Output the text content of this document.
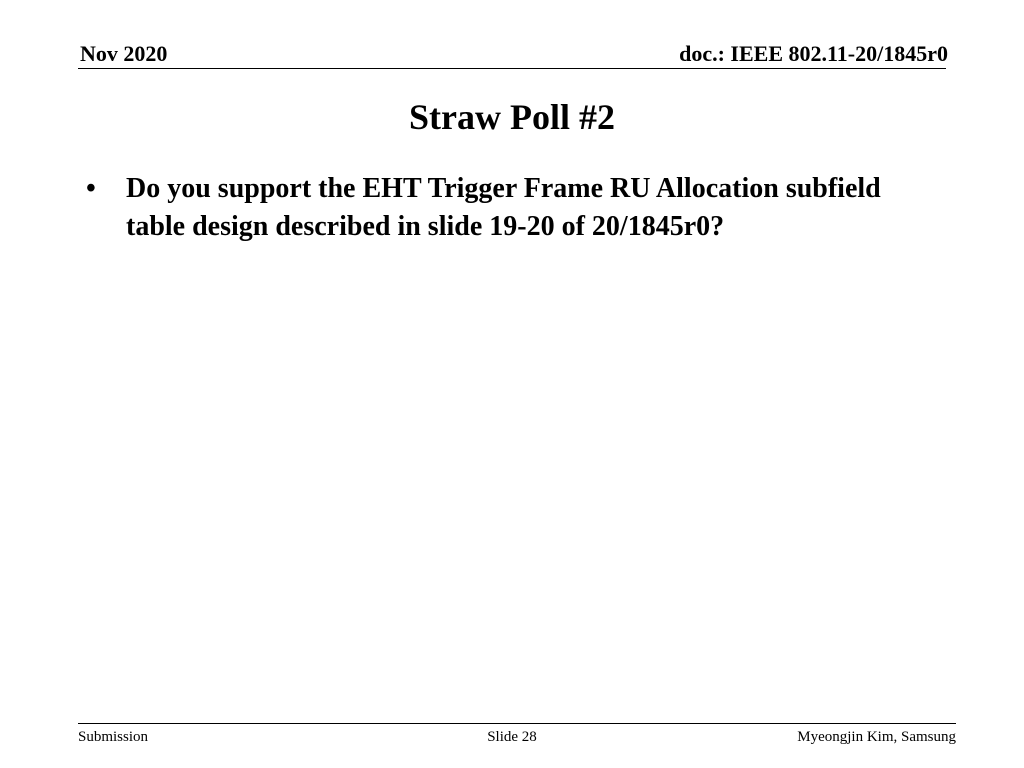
Nov 2020	doc.: IEEE 802.11-20/1845r0
Straw Poll #2
•	Do you support the EHT Trigger Frame RU Allocation subfield table design described in slide 19-20 of 20/1845r0?
Submission	Slide 28	Myeongjin Kim, Samsung
